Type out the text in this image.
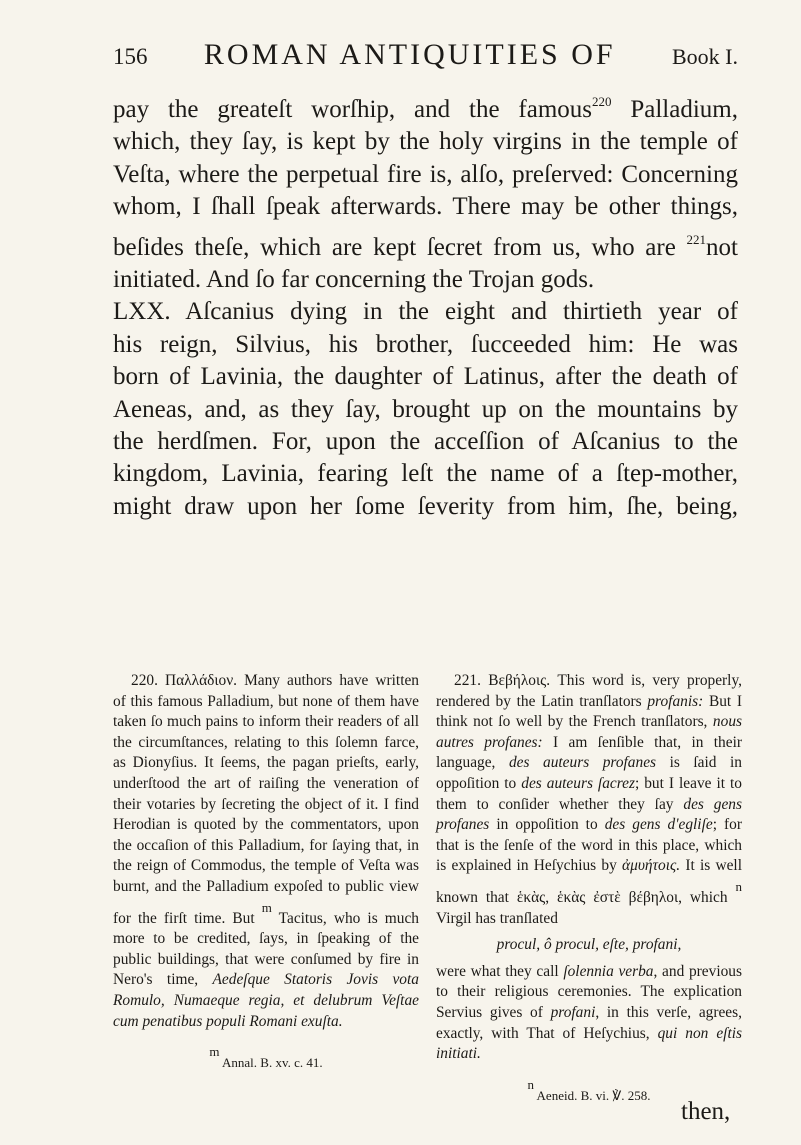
156 ROMAN ANTIQUITIES OF	Book I.
pay the greateſt worſhip, and the famous$^{220}$ Palladium,
which, they ſay, is kept by the holy virgins in the temple of
Veſta, where the perpetual fire is, alſo, preſerved: Concerning
whom, I ſhall ſpeak afterwards. There may be other things,
beſides theſe, which are kept ſecret from us, who are $^{221}$not
initiated. And ſo far concerning the Trojan gods.
LXX. Aſcanius dying in the eight and thirtieth year of
his reign, Silvius, his brother, ſucceeded him: He was
born of Lavinia, the daughter of Latinus, after the death of
Aeneas, and, as they ſay, brought up on the mountains by
the herdſmen. For, upon the acceſſion of Aſcanius to the
kingdom, Lavinia, fearing leſt the name of a ſtep-mother,
might draw upon her ſome ſeverity from him, ſhe, being,

220. Παλλάδιον. Many authors have written of this famous Palladium, but none of them have taken ſo much pains to inform their readers of all the circumſtances, relating to this ſolemn farce, as Dionyſius. It ſeems, the pagan prieſts, early, underſtood the art of raiſing the veneration of their votaries by ſecreting the object of it. I find Herodian is quoted by the commentators, upon the occaſion of this Palladium, for ſaying that, in the reign of Commodus, the temple of Veſta was burnt, and the Palladium expoſed to public view for the firſt time. But $^m$ Tacitus, who is much more to be credited, ſays, in ſpeaking of the public buildings, that were conſumed by fire in Nero's time, Aedeſque Statoris Jovis vota Romulo, Numaeque regia, et delubrum Veſtae cum penatibus populi Romani exuſta.

$^m$ Annal. B. xv. c. 41.

221. Βεβήλοις. This word is, very properly, rendered by the Latin tranſlators profanis: But I think not ſo well by the French tranſlators, nous autres profanes: I am ſenſible that, in their language, des auteurs profanes is ſaid in oppoſition to des auteurs ſacrez; but I leave it to them to conſider whether they ſay des gens profanes in oppoſition to des gens d'egliſe; for that is the ſenſe of the word in this place, which is explained in Heſychius by ἀμυήτοις. It is well known that ἑκὰς, ἑκὰς ἐστὲ βέβηλοι, which $^n$ Virgil has tranſlated

procul, ô procul, eſte, profani,

were what they call ſolennia verba, and previous to their religious ceremonies. The explication Servius gives of profani, in this verſe, agrees, exactly, with That of Heſychius, qui non eſtis initiati.

$^n$ Aeneid. B. vi. ℣. 258.

then,
